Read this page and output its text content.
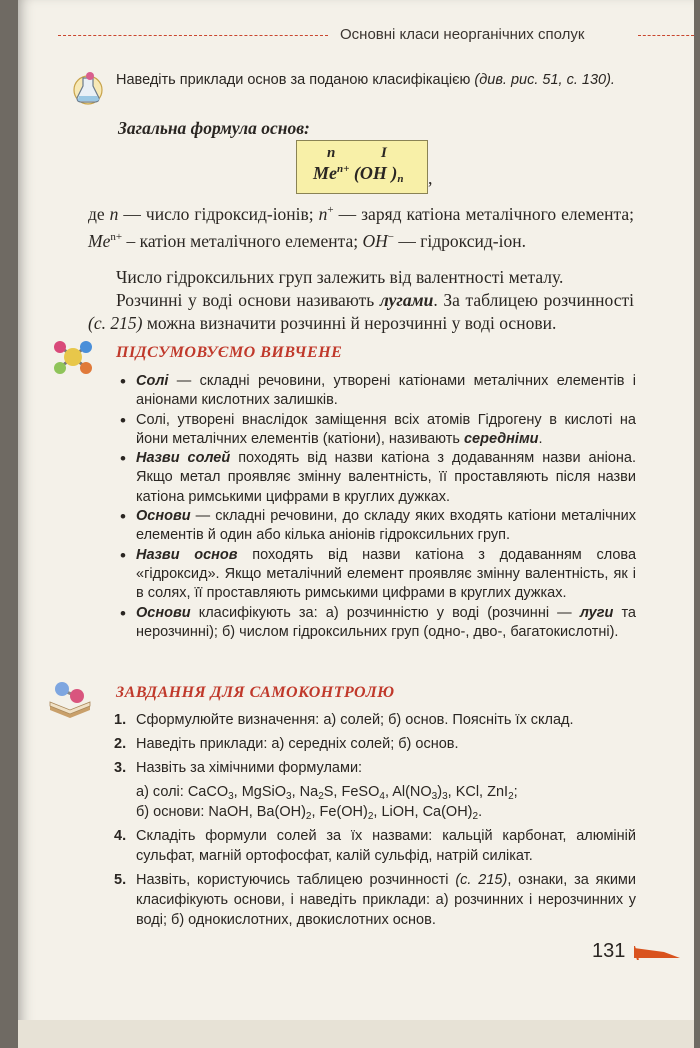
Основні класи неорганічних сполук
Наведіть приклади основ за поданою класифікацією (див. рис. 51, с. 130).
Загальна формула основ:
n	I
$Me^{n+}$ (OH )$_n$ ,
де n — число гідроксид-іонів; n+ — заряд катіона металічного елемента; $Me^{n+}$ – катіон металічного елемента; OH− — гідроксид-іон.
Число гідроксильних груп залежить від валентності металу.
Розчинні у воді основи називають лугами. За таблицею розчинності (с. 215) можна визначити розчинні й нерозчинні у воді основи.
ПІДСУМОВУЄМО ВИВЧЕНЕ
• Солі — складні речовини, утворені катіонами металічних елементів і аніонами кислотних залишків.
• Солі, утворені внаслідок заміщення всіх атомів Гідрогену в кислоті на йони металічних елементів (катіони), називають середніми.
• Назви солей походять від назви катіона з додаванням назви аніона. Якщо метал проявляє змінну валентність, її проставляють після назви катіона римськими цифрами в круглих дужках.
• Основи — складні речовини, до складу яких входять катіони металічних елементів й один або кілька аніонів гідроксильних груп.
• Назви основ походять від назви катіона з додаванням слова «гідроксид». Якщо металічний елемент проявляє змінну валентність, як і в солях, її проставляють римськими цифрами в круглих дужках.
• Основи класифікують за: а) розчинністю у воді (розчинні — луги та нерозчинні); б) числом гідроксильних груп (одно-, дво-, багатокислотні).
ЗАВДАННЯ ДЛЯ САМОКОНТРОЛЮ
1. Сформулюйте визначення: а) солей; б) основ. Поясніть їх склад.
2. Наведіть приклади: а) середніх солей; б) основ.
3. Назвіть за хімічними формулами:
а) солі: CaCO$_3$, MgSiO$_3$, $Na_2S$, FeSO$_4$, $Al(NO_3)_3$, KCl, ZnI$_2$;
б) основи: NaOH, $Ba(OH)_2$, $Fe(OH)_2$, LiOH, $Ca(OH)_2$.
4. Складіть формули солей за їх назвами: кальцій карбонат, алюміній сульфат, магній ортофосфат, калій сульфід, натрій силікат.
5. Назвіть, користуючись таблицею розчинності (с. 215), ознаки, за якими класифікують основи, і наведіть приклади: а) розчинних і нерозчинних у воді; б) однокислотних, двокислотних основ.
131
